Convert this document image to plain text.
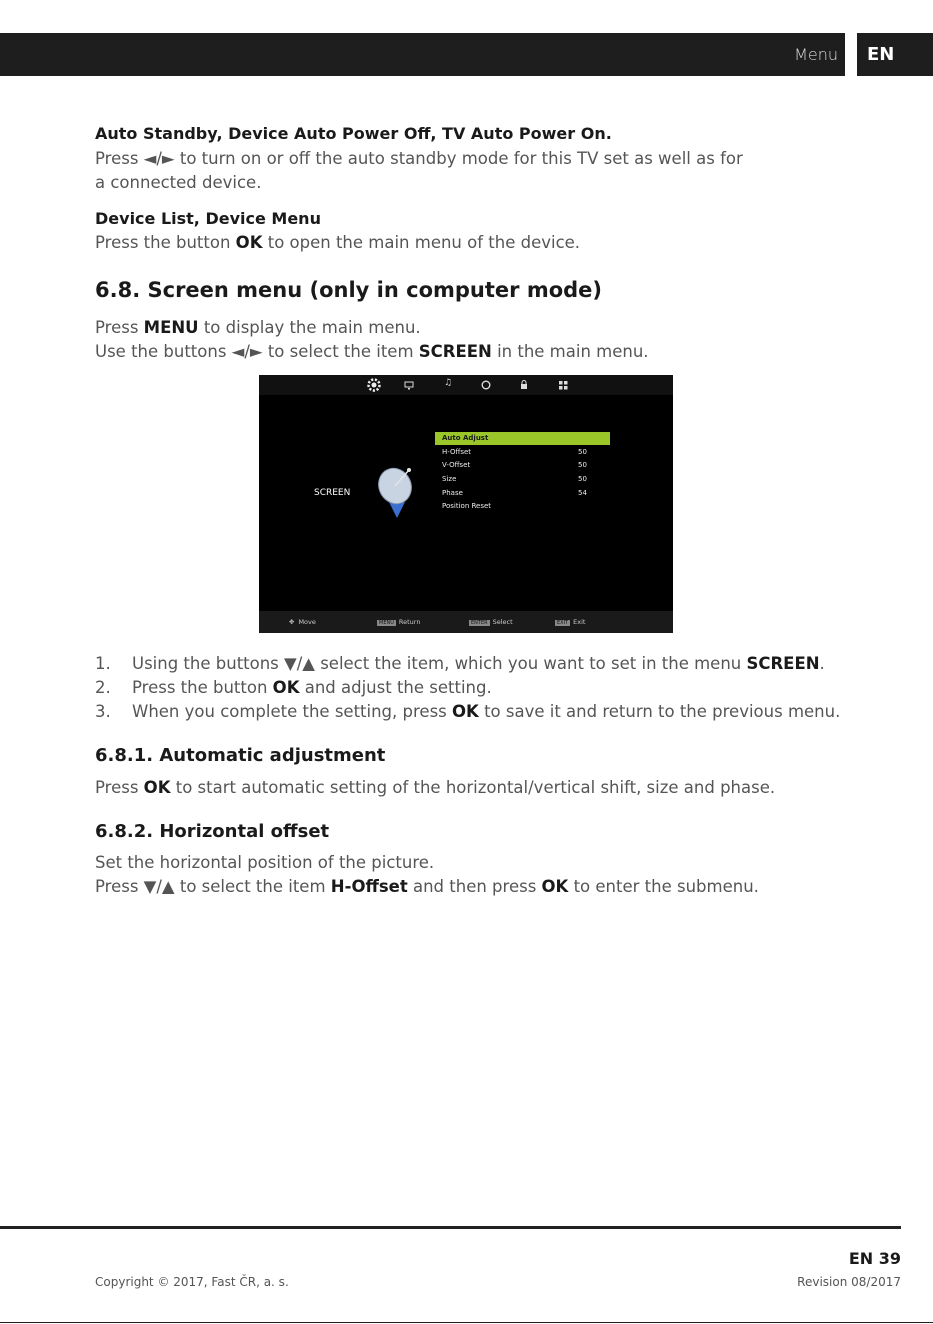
Menu	EN
Auto Standby, Device Auto Power Off, TV Auto Power On.
Press ◄/► to turn on or off the auto standby mode for this TV set as well as for
a connected device.
Device List, Device Menu
Press the button OK to open the main menu of the device.
6.8. Screen menu (only in computer mode)
Press MENU to display the main menu.
Use the buttons ◄/► to select the item SCREEN in the main menu.
♫
SCREEN
Auto Adjust
H-Offset	50
V-Offset	50
Size	50
Phase	54
Position Reset
✥ Move	MENU Return	ENTER Select	EXIT Exit
1. Using the buttons ▼/▲ select the item, which you want to set in the menu SCREEN.
2. Press the button OK and adjust the setting.
3. When you complete the setting, press OK to save it and return to the previous menu.
6.8.1. Automatic adjustment
Press OK to start automatic setting of the horizontal/vertical shift, size and phase.
6.8.2. Horizontal offset
Set the horizontal position of the picture.
Press ▼/▲ to select the item H-Offset and then press OK to enter the submenu.
EN 39
Copyright © 2017, Fast ČR, a. s.	Revision 08/2017
